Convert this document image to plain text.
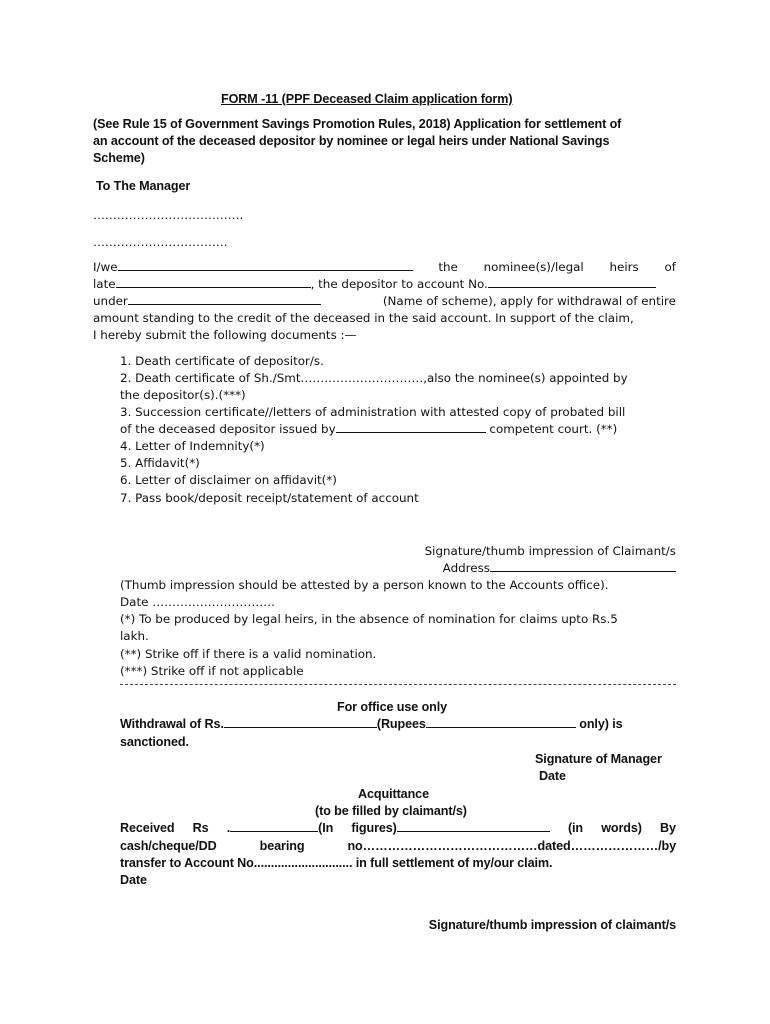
FORM -11 (PPF Deceased Claim application form)
(See Rule 15 of Government Savings Promotion Rules, 2018) Application for settlement of
an account of the deceased depositor by nominee or legal heirs under National Savings
Scheme)
To The Manager
………………………………..
…………………………….
I/we	the nominee(s)/legal heirs of
late	, the depositor to account No.
under	(Name of scheme), apply for withdrawal of entire
amount standing to the credit of the deceased in the said account. In support of the claim,
I hereby submit the following documents :—
1. Death certificate of depositor/s.
2. Death certificate of Sh./Smt.…………………………,also the nominee(s) appointed by
the depositor(s).(***)
3. Succession certificate//letters of administration with attested copy of probated bill
of the deceased depositor issued by	competent court. (**)
4. Letter of Indemnity(*)
5. Affidavit(*)
6. Letter of disclaimer on affidavit(*)
7. Pass book/deposit receipt/statement of account
Signature/thumb impression of Claimant/s
Address
(Thumb impression should be attested by a person known to the Accounts office).
Date ………………………….
(*) To be produced by legal heirs, in the absence of nomination for claims upto Rs.5
lakh.
(**) Strike off if there is a valid nomination.
(***) Strike off if not applicable
For office use only
Withdrawal of Rs.	(Rupees	only) is
sanctioned.
Signature of Manager
Date
Acquittance
(to be filled by claimant/s)
Received Rs .	(In figures)	(in words) By
cash/cheque/DD	bearing	no……………………………………dated…………………/by
transfer to Account No............................. in full settlement of my/our claim.
Date
Signature/thumb impression of claimant/s
